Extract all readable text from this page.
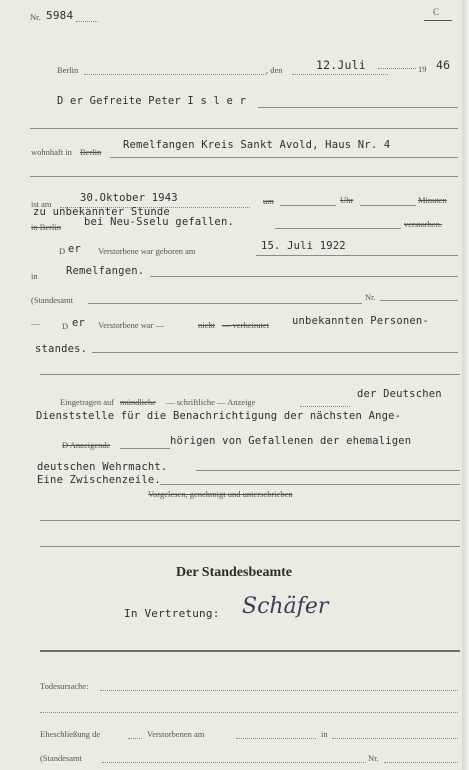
Nr. 5984	C
Berlin	, den	12.Juli	19 46
D er Gefreite Peter I s l e r
wohnhaft in Berlin
Remelfangen Kreis Sankt Avold, Haus Nr. 4
ist am	30.Oktober 1943	um	Uhr	Minuten
zu unbekannter Stunde
in Berlin bei Neu-Sselu gefallen.	verstorben.
D er Verstorbene war geboren am	15. Juli 1922
in	Remelfangen.
(Standesamt	Nr.
—	D er Verstorbene war —	nicht — verheiratet unbekannten Personen-
standes.
Eingetragen auf mündliche — schriftliche — Anzeige
der Deutschen
Dienststelle für die Benachrichtigung der nächsten Ange-
D Anzeigende	hörigen von Gefallenen der ehemaligen
deutschen Wehrmacht.
Eine Zwischenzeile.
Vorgelesen, genehmigt und unterschrieben
Der Standesbeamte
In Vertretung: Schäfer
Todesursache:
Eheschließung de	Verstorbenen am	in
(Standesamt	Nr.
